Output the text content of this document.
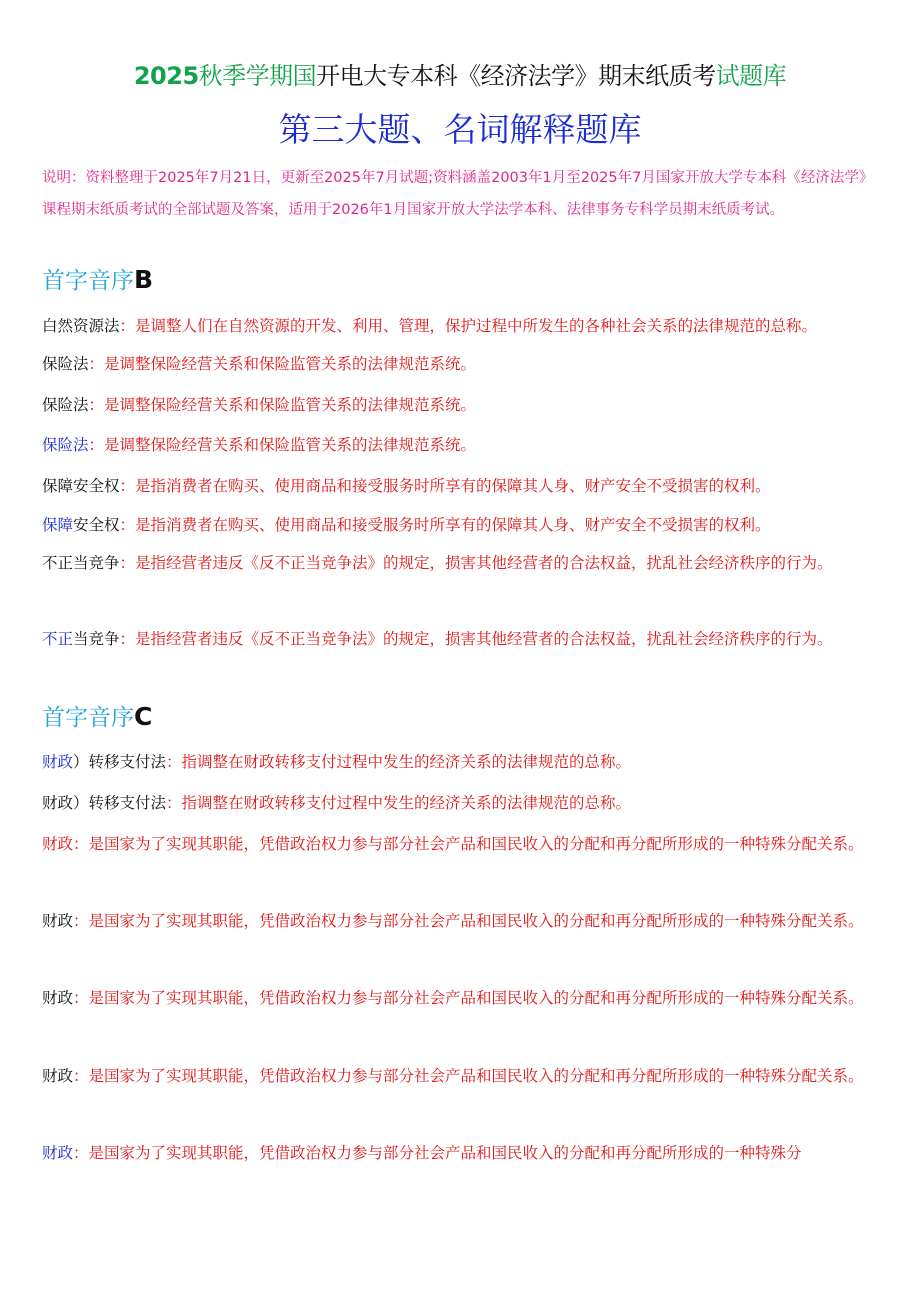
2025秋季学期国开电大专本科《经济法学》期末纸质考试题库
第三大题、名词解释题库
说明：资料整理于2025年7月21日，更新至2025年7月试题;资料涵盖2003年1月至2025年7月国家开放大学专本科《经济法学》课程期末纸质考试的全部试题及答案，适用于2026年1月国家开放大学法学本科、法律事务专科学员期末纸质考试。
首字音序B
白然资源法：是调整人们在自然资源的开发、利用、管理，保护过程中所发生的各种社会关系的法律规范的总称。
保险法：是调整保险经营关系和保险监管关系的法律规范系统。
保险法：是调整保险经营关系和保险监管关系的法律规范系统。
保险法：是调整保险经营关系和保险监管关系的法律规范系统。
保障安全权：是指消费者在购买、使用商品和接受服务时所享有的保障其人身、财产安全不受损害的权利。
保障安全权：是指消费者在购买、使用商品和接受服务时所享有的保障其人身、财产安全不受损害的权利。
不正当竞争：是指经营者违反《反不正当竞争法》的规定，损害其他经营者的合法权益，扰乱社会经济秩序的行为。
不正当竞争：是指经营者违反《反不正当竞争法》的规定，损害其他经营者的合法权益，扰乱社会经济秩序的行为。
首字音序C
财政）转移支付法：指调整在财政转移支付过程中发生的经济关系的法律规范的总称。
财政）转移支付法：指调整在财政转移支付过程中发生的经济关系的法律规范的总称。
财政：是国家为了实现其职能，凭借政治权力参与部分社会产品和国民收入的分配和再分配所形成的一种特殊分配关系。
财政：是国家为了实现其职能，凭借政治权力参与部分社会产品和国民收入的分配和再分配所形成的一种特殊分配关系。
财政：是国家为了实现其职能，凭借政治权力参与部分社会产品和国民收入的分配和再分配所形成的一种特殊分配关系。
财政：是国家为了实现其职能，凭借政治权力参与部分社会产品和国民收入的分配和再分配所形成的一种特殊分配关系。
财政：是国家为了实现其职能，凭借政治权力参与部分社会产品和国民收入的分配和再分配所形成的一种特殊分
